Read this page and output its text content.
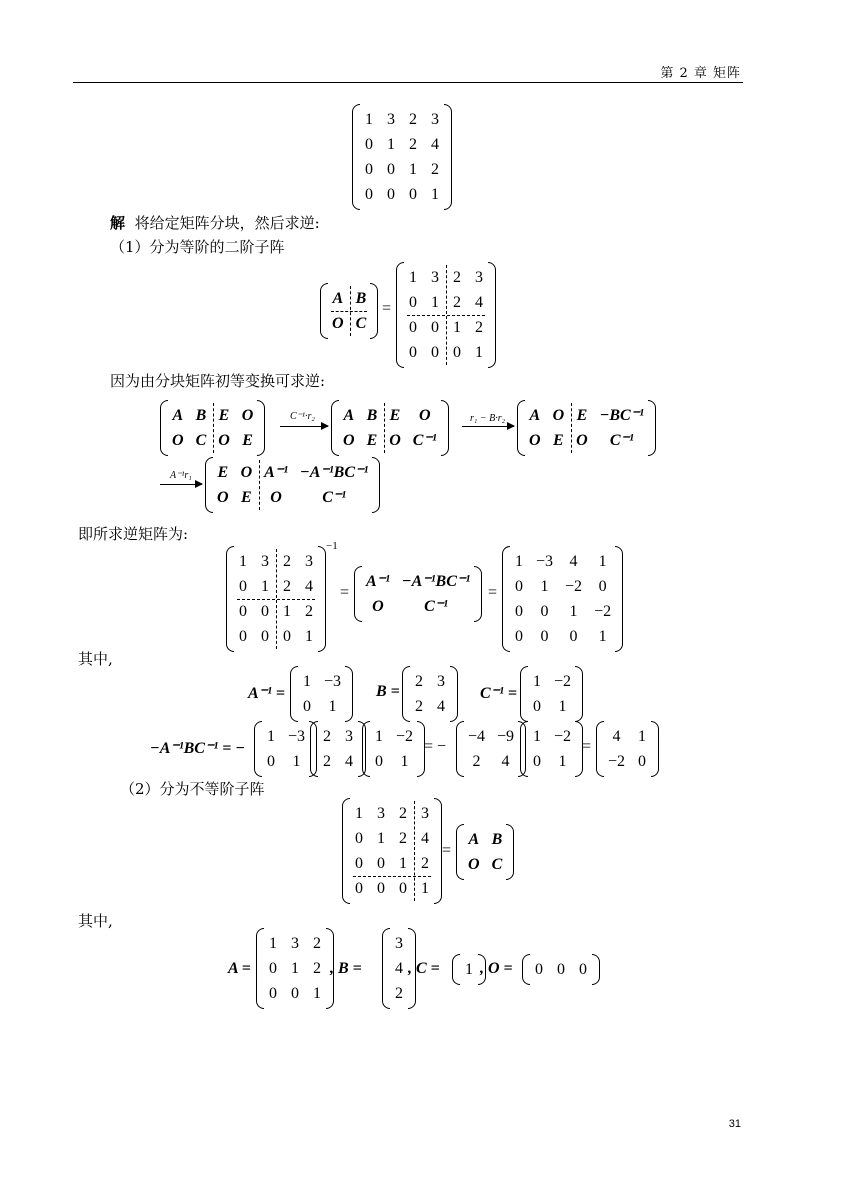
第 2 章 矩阵
1 3 2 3
0 1 2 4
0 0 1 2
0 0 0 1
解 将给定矩阵分块，然后求逆:
（1）分为等阶的二阶子阵
A B
O C
=
1 3 2 3
0 1 2 4
0 0 1 2
0 0 0 1
因为由分块矩阵初等变换可求逆:
A B E O
O C O E
C⁻¹·r₂ A B E	O
O E O C⁻¹
r₁ − B·r₂ A O E −BC⁻¹
O E O	C⁻¹
A⁻¹r₁ E O A⁻¹ −A⁻¹BC⁻¹
O E	O	C⁻¹
即所求逆矩阵为:
1 3 2 3
0 1 2 4
0 0 1 2
0 0 0 1
−1
=
A⁻¹ −A⁻¹BC⁻¹
O	C⁻¹
=
1 −3 4 1
0 1 −2 0
0 0 1 −2
0 0 0 1
其中,
A⁻¹ =
1 −3
0 1
B =
2 3
2 4
C⁻¹ =
1 −2
0 1
−A⁻¹BC⁻¹ = −
1 −3
0 1
2 3
2 4
1 −2
0 1
= −
−4 −9
2 4
1 −2
0 1
=
4 1
−2 0
（2）分为不等阶子阵
1 3 2 3
0 1 2 4
0 0 1 2
0 0 0 1
=
A B
O C
其中,
A =
1 3 2
0 1 2
0 0 1
, B =
3
4
2
, C = 1 , O = 0 0 0
31
